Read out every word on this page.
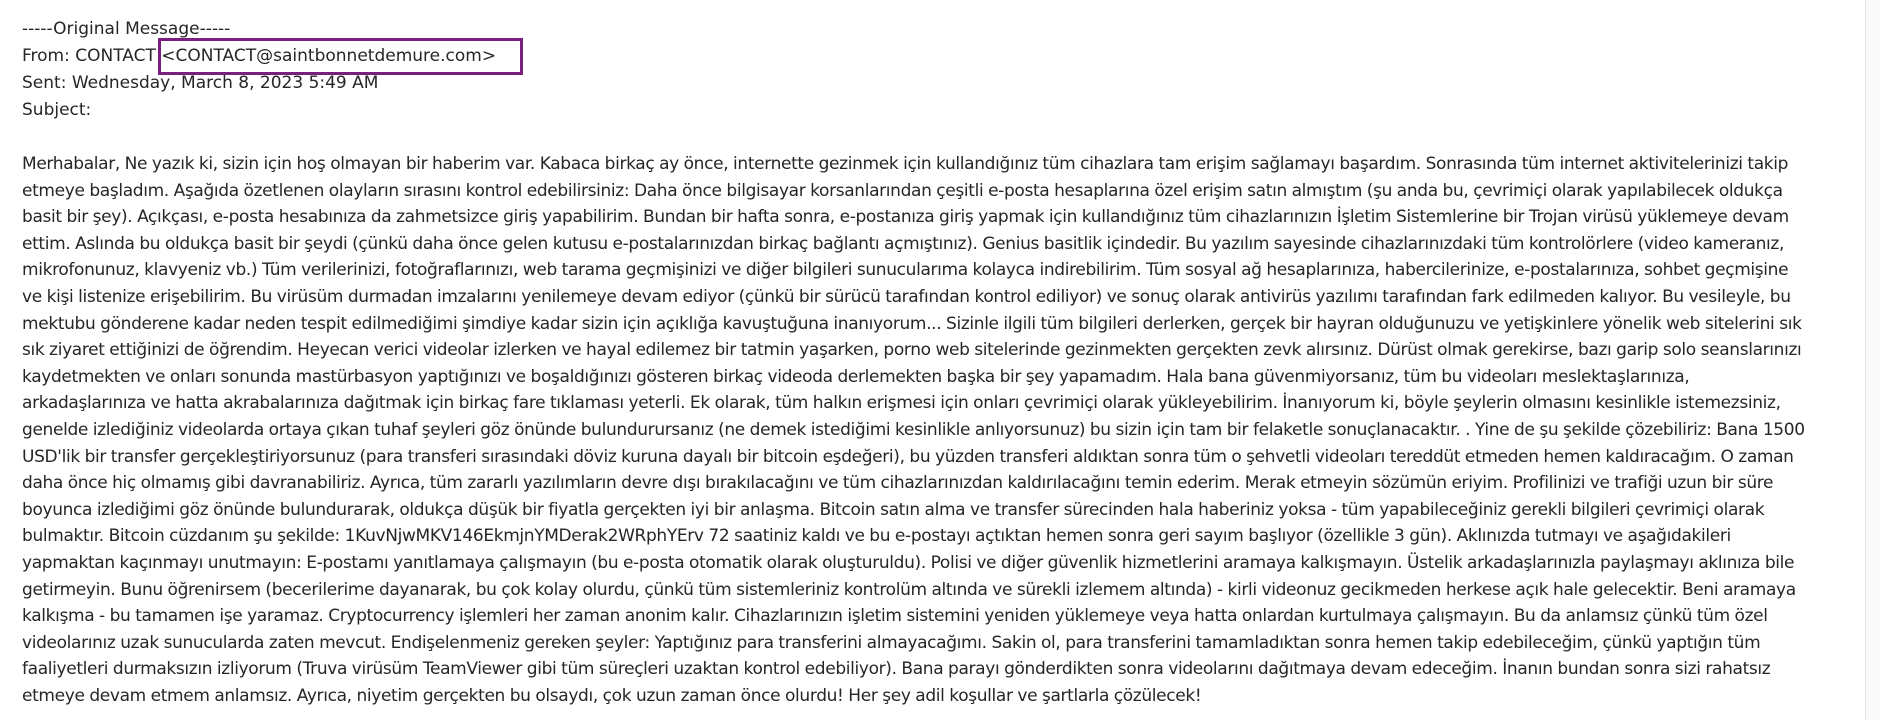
-----Original Message-----
From: CONTACT <CONTACT@saintbonnetdemure.com>
Sent: Wednesday, March 8, 2023 5:49 AM
Subject:
Merhabalar, Ne yazık ki, sizin için hoş olmayan bir haberim var. Kabaca birkaç ay önce, internette gezinmek için kullandığınız tüm cihazlara tam erişim sağlamayı başardım. Sonrasında tüm internet aktivitelerinizi takip
etmeye başladım. Aşağıda özetlenen olayların sırasını kontrol edebilirsiniz: Daha önce bilgisayar korsanlarından çeşitli e-posta hesaplarına özel erişim satın almıştım (şu anda bu, çevrimiçi olarak yapılabilecek oldukça
basit bir şey). Açıkçası, e-posta hesabınıza da zahmetsizce giriş yapabilirim. Bundan bir hafta sonra, e-postanıza giriş yapmak için kullandığınız tüm cihazlarınızın İşletim Sistemlerine bir Trojan virüsü yüklemeye devam
ettim. Aslında bu oldukça basit bir şeydi (çünkü daha önce gelen kutusu e-postalarınızdan birkaç bağlantı açmıştınız). Genius basitlik içindedir. Bu yazılım sayesinde cihazlarınızdaki tüm kontrolörlere (video kameranız,
mikrofonunuz, klavyeniz vb.) Tüm verilerinizi, fotoğraflarınızı, web tarama geçmişinizi ve diğer bilgileri sunucularıma kolayca indirebilirim. Tüm sosyal ağ hesaplarınıza, habercilerinize, e-postalarınıza, sohbet geçmişine
ve kişi listenize erişebilirim. Bu virüsüm durmadan imzalarını yenilemeye devam ediyor (çünkü bir sürücü tarafından kontrol ediliyor) ve sonuç olarak antivirüs yazılımı tarafından fark edilmeden kalıyor. Bu vesileyle, bu
mektubu gönderene kadar neden tespit edilmediğimi şimdiye kadar sizin için açıklığa kavuştuğuna inanıyorum... Sizinle ilgili tüm bilgileri derlerken, gerçek bir hayran olduğunuzu ve yetişkinlere yönelik web sitelerini sık
sık ziyaret ettiğinizi de öğrendim. Heyecan verici videolar izlerken ve hayal edilemez bir tatmin yaşarken, porno web sitelerinde gezinmekten gerçekten zevk alırsınız. Dürüst olmak gerekirse, bazı garip solo seanslarınızı
kaydetmekten ve onları sonunda mastürbasyon yaptığınızı ve boşaldığınızı gösteren birkaç videoda derlemekten başka bir şey yapamadım. Hala bana güvenmiyorsanız, tüm bu videoları meslektaşlarınıza,
arkadaşlarınıza ve hatta akrabalarınıza dağıtmak için birkaç fare tıklaması yeterli. Ek olarak, tüm halkın erişmesi için onları çevrimiçi olarak yükleyebilirim. İnanıyorum ki, böyle şeylerin olmasını kesinlikle istemezsiniz,
genelde izlediğiniz videolarda ortaya çıkan tuhaf şeyleri göz önünde bulundurursanız (ne demek istediğimi kesinlikle anlıyorsunuz) bu sizin için tam bir felaketle sonuçlanacaktır. . Yine de şu şekilde çözebiliriz: Bana 1500
USD'lik bir transfer gerçekleştiriyorsunuz (para transferi sırasındaki döviz kuruna dayalı bir bitcoin eşdeğeri), bu yüzden transferi aldıktan sonra tüm o şehvetli videoları tereddüt etmeden hemen kaldıracağım. O zaman
daha önce hiç olmamış gibi davranabiliriz. Ayrıca, tüm zararlı yazılımların devre dışı bırakılacağını ve tüm cihazlarınızdan kaldırılacağını temin ederim. Merak etmeyin sözümün eriyim. Profilinizi ve trafiği uzun bir süre
boyunca izlediğimi göz önünde bulundurarak, oldukça düşük bir fiyatla gerçekten iyi bir anlaşma. Bitcoin satın alma ve transfer sürecinden hala haberiniz yoksa - tüm yapabileceğiniz gerekli bilgileri çevrimiçi olarak
bulmaktır. Bitcoin cüzdanım şu şekilde: 1KuvNjwMKV146EkmjnYMDerak2WRphYErv 72 saatiniz kaldı ve bu e-postayı açtıktan hemen sonra geri sayım başlıyor (özellikle 3 gün). Aklınızda tutmayı ve aşağıdakileri
yapmaktan kaçınmayı unutmayın: E-postamı yanıtlamaya çalışmayın (bu e-posta otomatik olarak oluşturuldu). Polisi ve diğer güvenlik hizmetlerini aramaya kalkışmayın. Üstelik arkadaşlarınızla paylaşmayı aklınıza bile
getirmeyin. Bunu öğrenirsem (becerilerime dayanarak, bu çok kolay olurdu, çünkü tüm sistemleriniz kontrolüm altında ve sürekli izlemem altında) - kirli videonuz gecikmeden herkese açık hale gelecektir. Beni aramaya
kalkışma - bu tamamen işe yaramaz. Cryptocurrency işlemleri her zaman anonim kalır. Cihazlarınızın işletim sistemini yeniden yüklemeye veya hatta onlardan kurtulmaya çalışmayın. Bu da anlamsız çünkü tüm özel
videolarınız uzak sunucularda zaten mevcut. Endişelenmeniz gereken şeyler: Yaptığınız para transferini almayacağımı. Sakin ol, para transferini tamamladıktan sonra hemen takip edebileceğim, çünkü yaptığın tüm
faaliyetleri durmaksızın izliyorum (Truva virüsüm TeamViewer gibi tüm süreçleri uzaktan kontrol edebiliyor). Bana parayı gönderdikten sonra videolarını dağıtmaya devam edeceğim. İnanın bundan sonra sizi rahatsız
etmeye devam etmem anlamsız. Ayrıca, niyetim gerçekten bu olsaydı, çok uzun zaman önce olurdu! Her şey adil koşullar ve şartlarla çözülecek!
